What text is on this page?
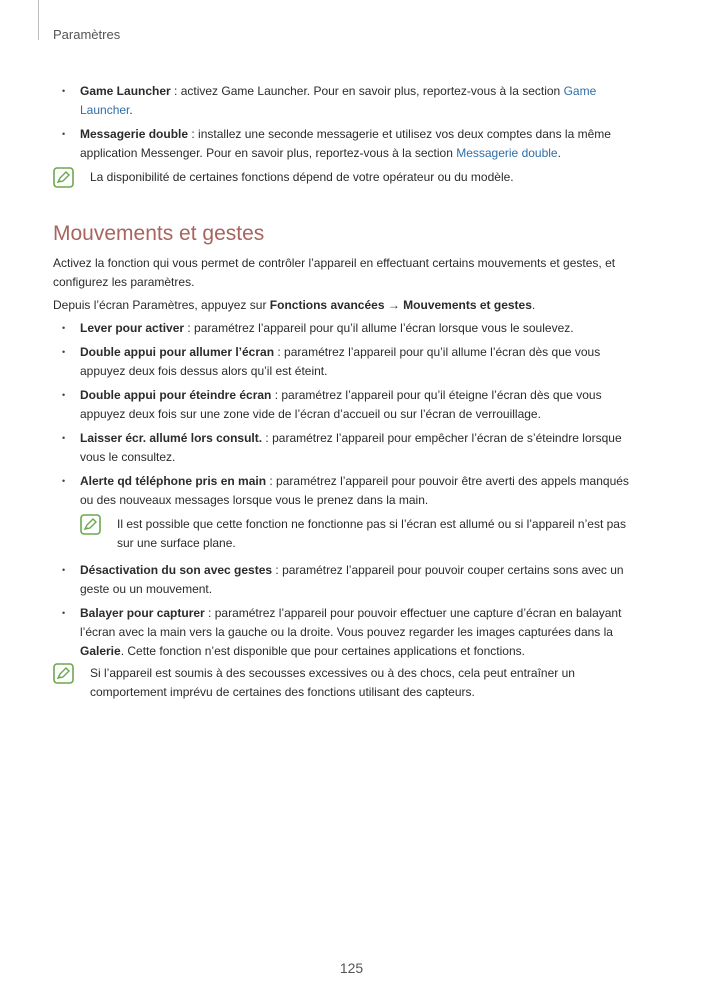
Paramètres
• Game Launcher : activez Game Launcher. Pour en savoir plus, reportez-vous à la section Game Launcher.
• Messagerie double : installez une seconde messagerie et utilisez vos deux comptes dans la même application Messenger. Pour en savoir plus, reportez-vous à la section Messagerie double.
La disponibilité de certaines fonctions dépend de votre opérateur ou du modèle.
Mouvements et gestes

Activez la fonction qui vous permet de contrôler l’appareil en effectuant certains mouvements et gestes, et configurez les paramètres.

Depuis l’écran Paramètres, appuyez sur Fonctions avancées → Mouvements et gestes.

• Lever pour activer : paramétrez l’appareil pour qu’il allume l’écran lorsque vous le soulevez.
• Double appui pour allumer l’écran : paramétrez l’appareil pour qu’il allume l’écran dès que vous appuyez deux fois dessus alors qu’il est éteint.
• Double appui pour éteindre écran : paramétrez l’appareil pour qu’il éteigne l’écran dès que vous appuyez deux fois sur une zone vide de l’écran d’accueil ou sur l’écran de verrouillage.
• Laisser écr. allumé lors consult. : paramétrez l’appareil pour empêcher l’écran de s’éteindre lorsque vous le consultez.
• Alerte qd téléphone pris en main : paramétrez l’appareil pour pouvoir être averti des appels manqués ou des nouveaux messages lorsque vous le prenez dans la main.
Il est possible que cette fonction ne fonctionne pas si l’écran est allumé ou si l’appareil n’est pas sur une surface plane.
• Désactivation du son avec gestes : paramétrez l’appareil pour pouvoir couper certains sons avec un geste ou un mouvement.
• Balayer pour capturer : paramétrez l’appareil pour pouvoir effectuer une capture d’écran en balayant l’écran avec la main vers la gauche ou la droite. Vous pouvez regarder les images capturées dans la Galerie. Cette fonction n’est disponible que pour certaines applications et fonctions.
Si l’appareil est soumis à des secousses excessives ou à des chocs, cela peut entraîner un comportement imprévu de certaines des fonctions utilisant des capteurs.
125
